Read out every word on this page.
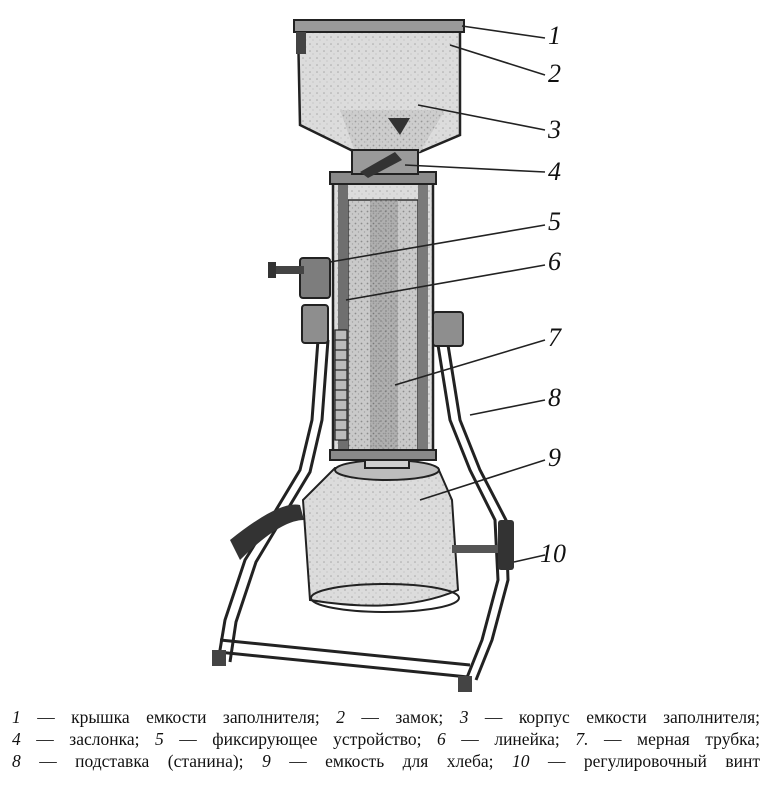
1
2
3
4
5
6
7
8
9
10
1 — крышка емкости заполнителя; 2 — замок; 3 — корпус емкости заполнителя;
4 — заслонка; 5 — фиксирующее устройство; 6 — линейка; 7. — мерная трубка;
8 — подставка (станина); 9 — емкость для хлеба; 10 — регулировочный винт
